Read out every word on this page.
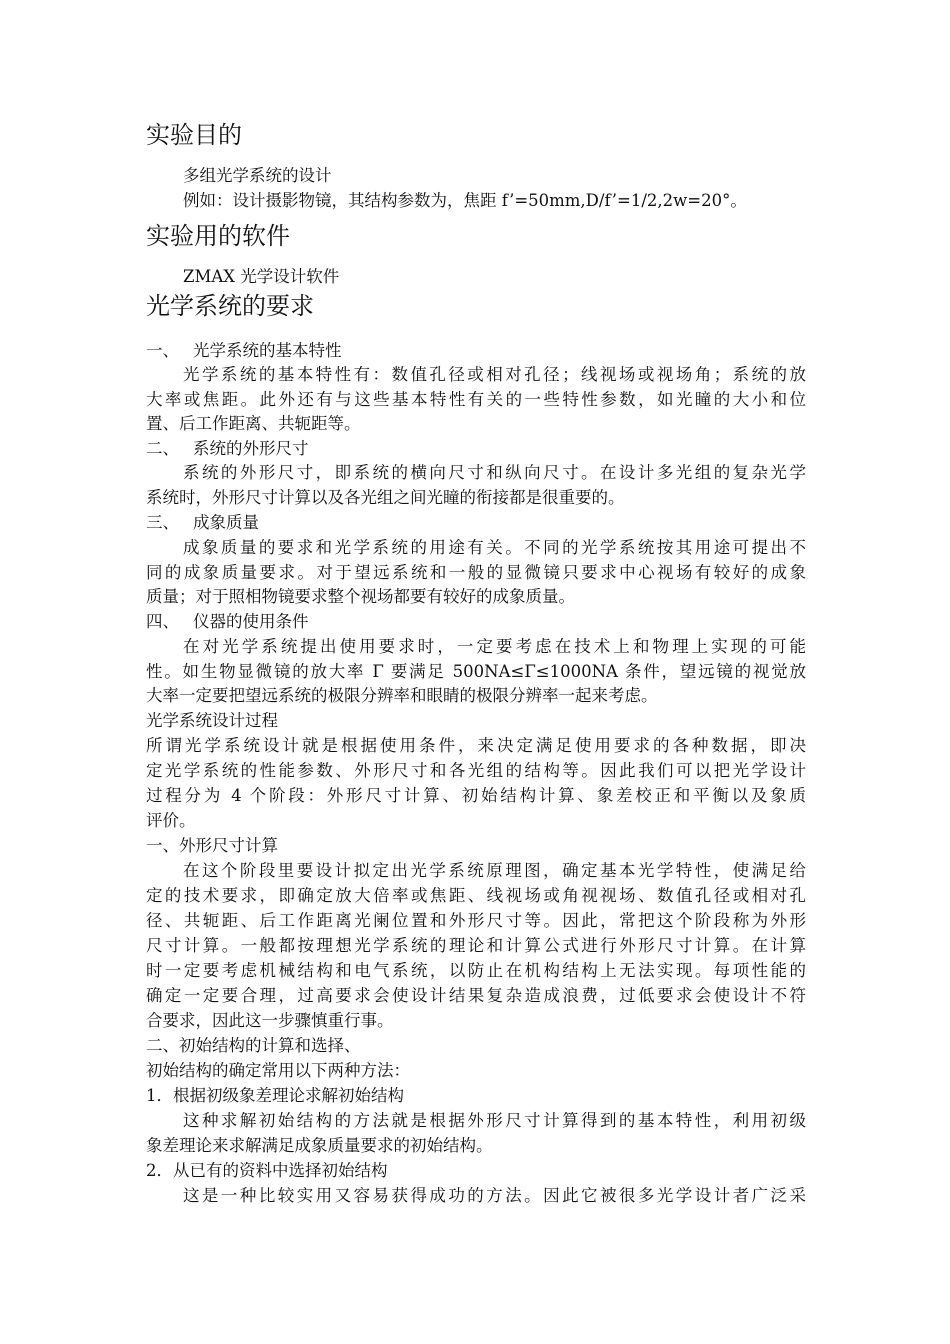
实验目的
多组光学系统的设计
例如：设计摄影物镜，其结构参数为，焦距 f’=50mm,D/f’=1/2,2w=20°。
实验用的软件
ZMAX 光学设计软件
光学系统的要求
一、 光学系统的基本特性
光学系统的基本特性有：数值孔径或相对孔径；线视场或视场角；系统的放
大率或焦距。此外还有与这些基本特性有关的一些特性参数，如光瞳的大小和位
置、后工作距离、共轭距等。
二、 系统的外形尺寸
系统的外形尺寸，即系统的横向尺寸和纵向尺寸。在设计多光组的复杂光学
系统时，外形尺寸计算以及各光组之间光瞳的衔接都是很重要的。
三、 成象质量
成象质量的要求和光学系统的用途有关。不同的光学系统按其用途可提出不
同的成象质量要求。对于望远系统和一般的显微镜只要求中心视场有较好的成象
质量；对于照相物镜要求整个视场都要有较好的成象质量。
四、 仪器的使用条件
在对光学系统提出使用要求时，一定要考虑在技术上和物理上实现的可能
性。如生物显微镜的放大率 Γ 要满足 500NA≤Γ≤1000NA 条件，望远镜的视觉放
大率一定要把望远系统的极限分辨率和眼睛的极限分辨率一起来考虑。
光学系统设计过程
所谓光学系统设计就是根据使用条件，来决定满足使用要求的各种数据，即决
定光学系统的性能参数、外形尺寸和各光组的结构等。因此我们可以把光学设计
过程分为 4 个阶段：外形尺寸计算、初始结构计算、象差校正和平衡以及象质
评价。
一、外形尺寸计算
在这个阶段里要设计拟定出光学系统原理图，确定基本光学特性，使满足给
定的技术要求，即确定放大倍率或焦距、线视场或角视视场、数值孔径或相对孔
径、共轭距、后工作距离光阑位置和外形尺寸等。因此，常把这个阶段称为外形
尺寸计算。一般都按理想光学系统的理论和计算公式进行外形尺寸计算。在计算
时一定要考虑机械结构和电气系统，以防止在机构结构上无法实现。每项性能的
确定一定要合理，过高要求会使设计结果复杂造成浪费，过低要求会使设计不符
合要求，因此这一步骤慎重行事。
二、初始结构的计算和选择、
初始结构的确定常用以下两种方法：
1．根据初级象差理论求解初始结构
这种求解初始结构的方法就是根据外形尺寸计算得到的基本特性，利用初级
象差理论来求解满足成象质量要求的初始结构。
2．从已有的资料中选择初始结构
这是一种比较实用又容易获得成功的方法。因此它被很多光学设计者广泛采
